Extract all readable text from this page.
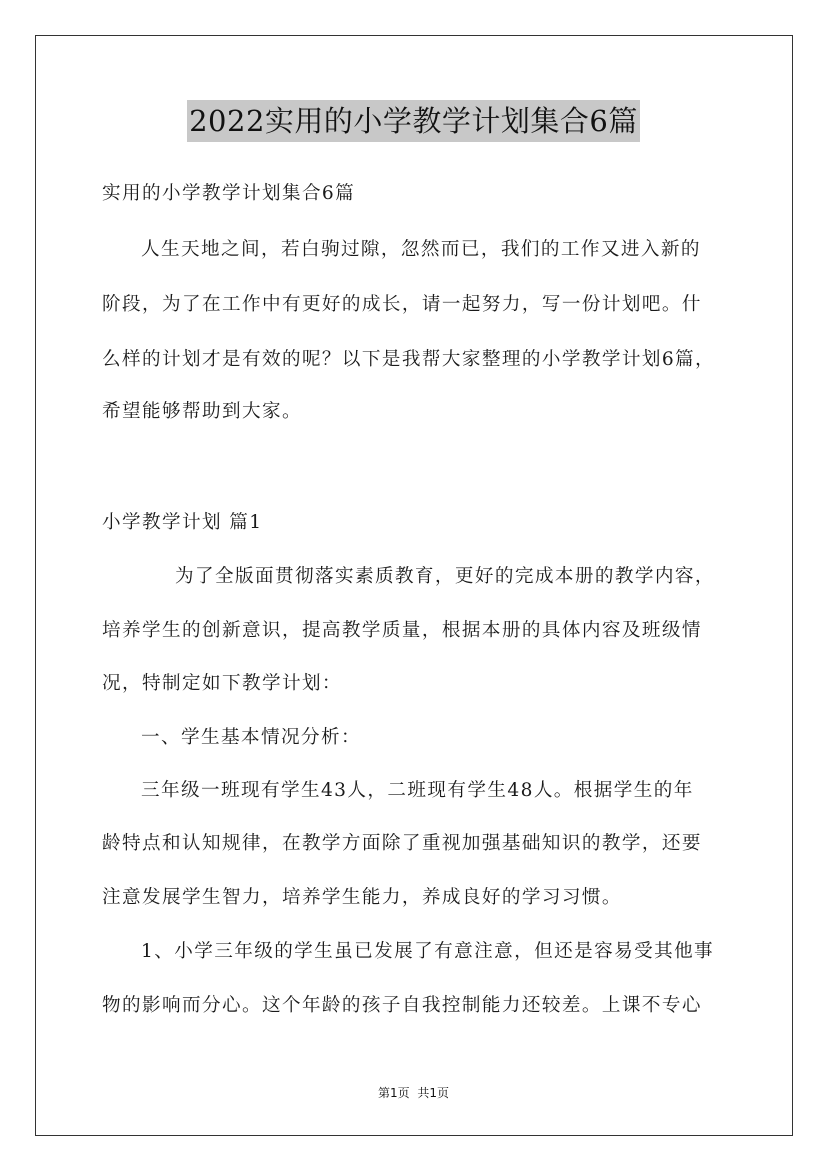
2022实用的小学教学计划集合6篇
实用的小学教学计划集合6篇
人生天地之间，若白驹过隙，忽然而已，我们的工作又进入新的
阶段，为了在工作中有更好的成长，请一起努力，写一份计划吧。什
么样的计划才是有效的呢？以下是我帮大家整理的小学教学计划6篇，
希望能够帮助到大家。
小学教学计划 篇1
为了全版面贯彻落实素质教育，更好的完成本册的教学内容，
培养学生的创新意识，提高教学质量，根据本册的具体内容及班级情
况，特制定如下教学计划：
一、学生基本情况分析：
三年级一班现有学生43人，二班现有学生48人。根据学生的年
龄特点和认知规律，在教学方面除了重视加强基础知识的教学，还要
注意发展学生智力，培养学生能力，养成良好的学习习惯。
1、小学三年级的学生虽已发展了有意注意，但还是容易受其他事
物的影响而分心。这个年龄的孩子自我控制能力还较差。上课不专心
第1页 共1页
